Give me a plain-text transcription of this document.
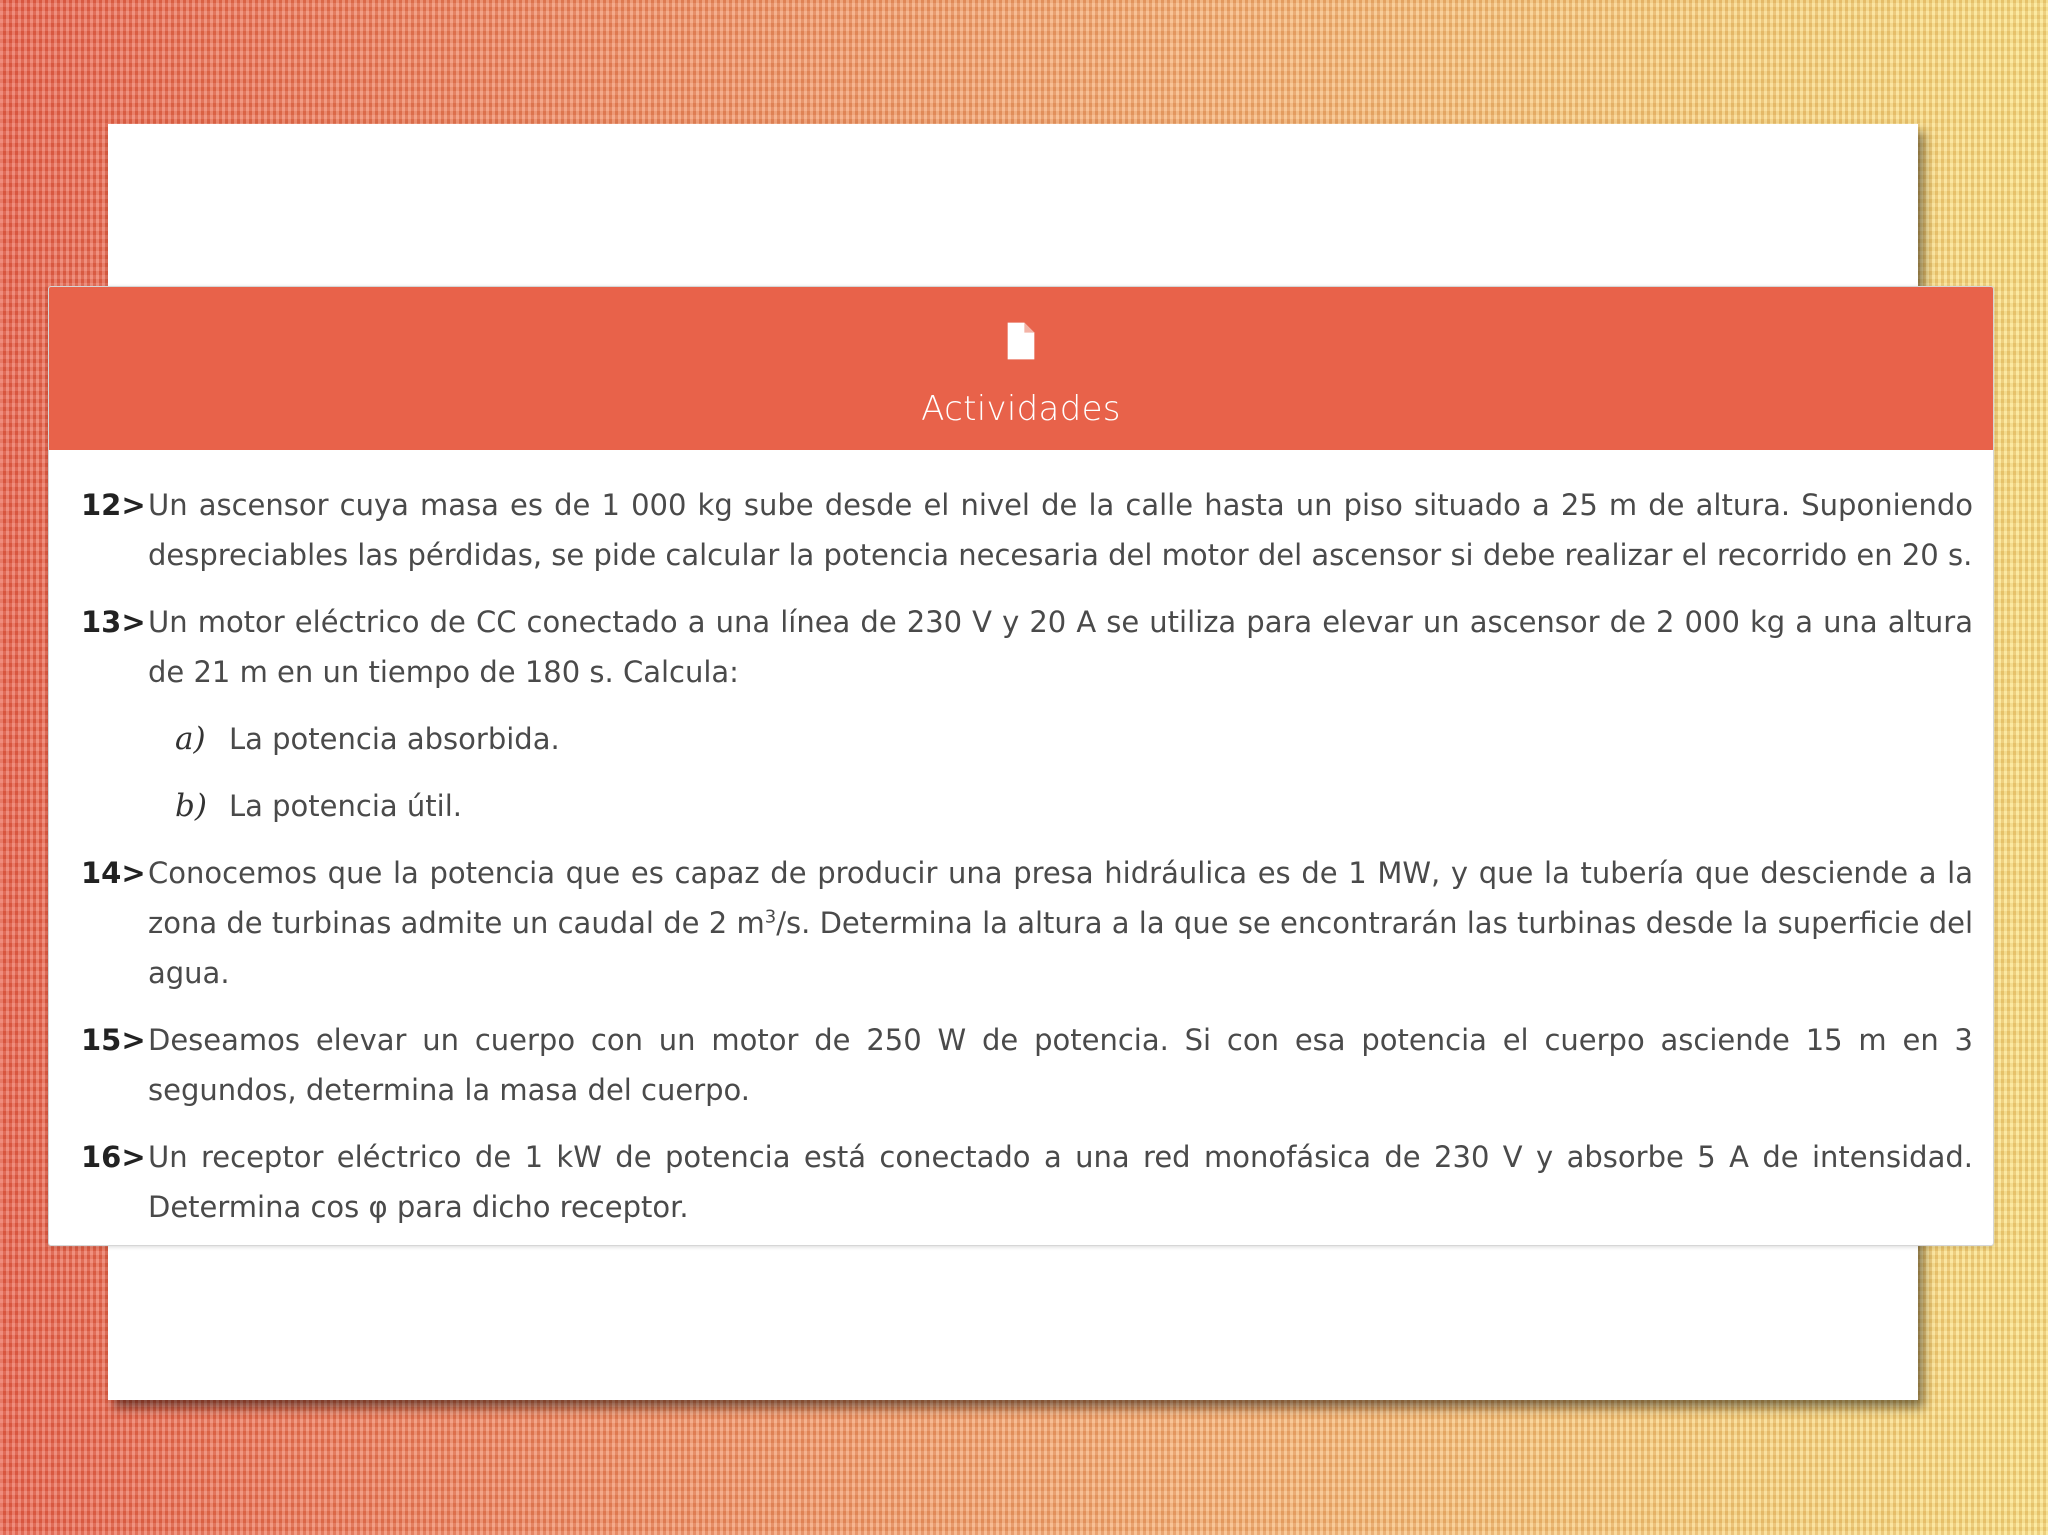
Actividades
12> Un ascensor cuya masa es de 1 000 kg sube desde el nivel de la calle hasta un piso situado a 25 m de altura. Suponiendo despreciables las pérdidas, se pide calcular la potencia necesaria del motor del ascensor si debe realizar el recorrido en 20 s.
13> Un motor eléctrico de CC conectado a una línea de 230 V y 20 A se utiliza para elevar un ascensor de 2 000 kg a una altura de 21 m en un tiempo de 180 s. Calcula:
a) La potencia absorbida.
b) La potencia útil.
14> Conocemos que la potencia que es capaz de producir una presa hidráulica es de 1 MW, y que la tubería que desciende a la zona de turbinas admite un caudal de 2 $m^3/s$. Determina la altura a la que se encontrarán las turbinas desde la superficie del agua.
15> Deseamos elevar un cuerpo con un motor de 250 W de potencia. Si con esa potencia el cuerpo asciende 15 m en 3 segundos, determina la masa del cuerpo.
16> Un receptor eléctrico de 1 kW de potencia está conectado a una red monofásica de 230 V y absorbe 5 A de intensidad. Determina cos φ para dicho receptor.
